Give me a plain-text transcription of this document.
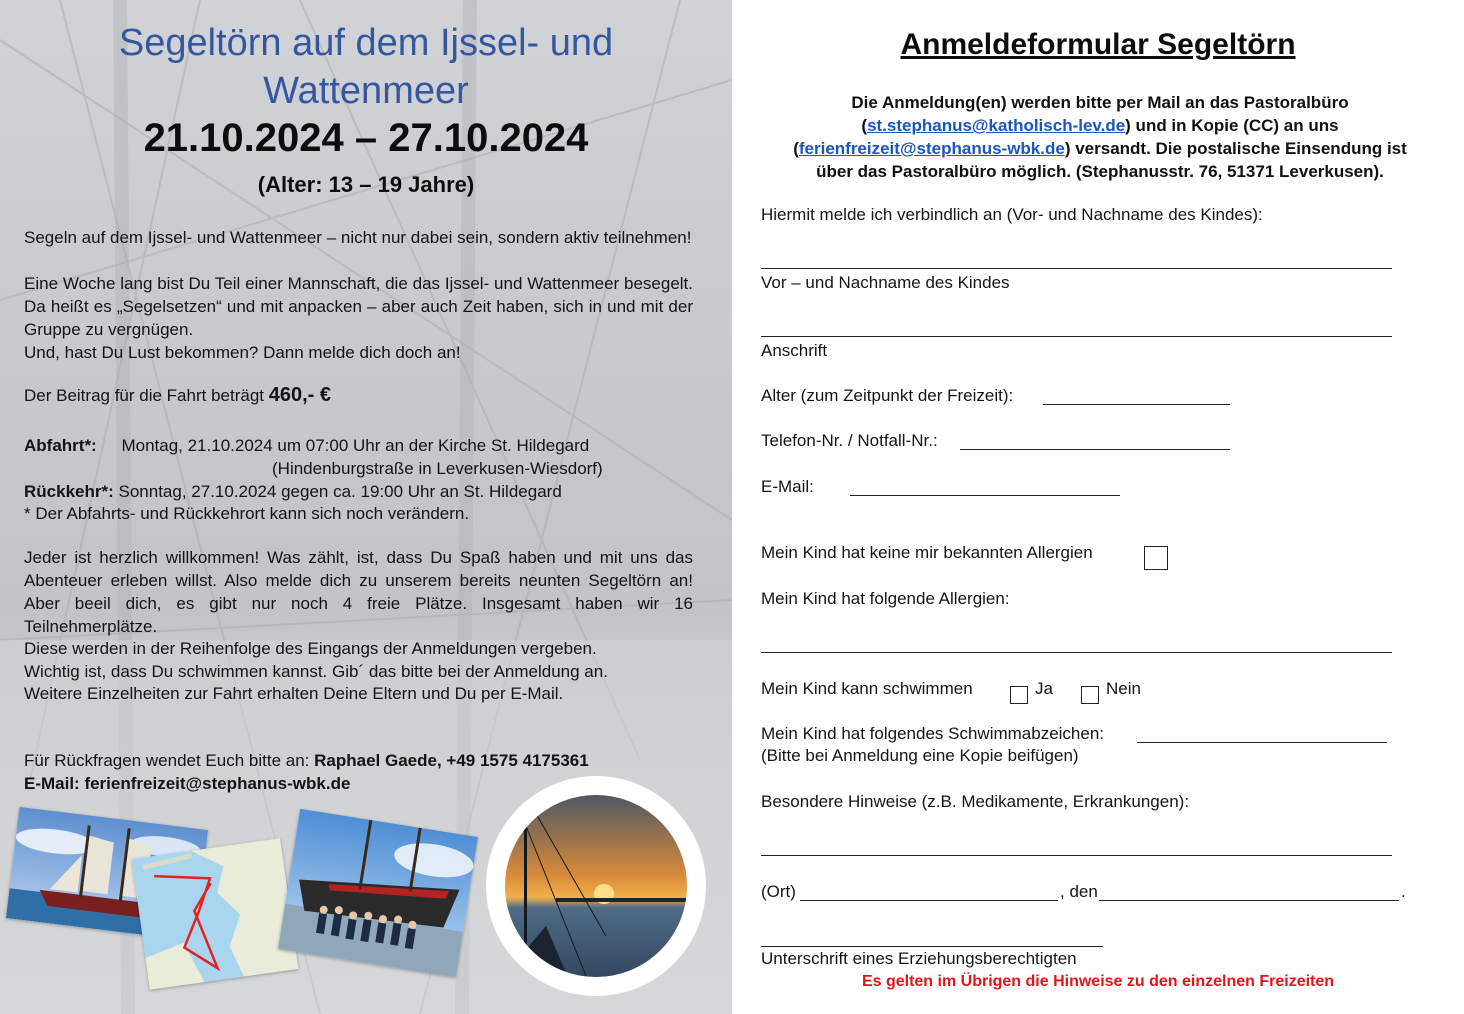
Segeltörn auf dem Ijssel- und
Wattenmeer
21.10.2024 – 27.10.2024
(Alter: 13 – 19 Jahre)

Segeln auf dem Ijssel- und Wattenmeer – nicht nur dabei sein, sondern aktiv teilnehmen!

Eine Woche lang bist Du Teil einer Mannschaft, die das Ijssel- und Wattenmeer besegelt. Da heißt es „Segelsetzen“ und mit anpacken – aber auch Zeit haben, sich in und mit der Gruppe zu vergnügen.

Und, hast Du Lust bekommen? Dann melde dich doch an!

Der Beitrag für die Fahrt beträgt 460,- €

Abfahrt*: Montag, 21.10.2024 um 07:00 Uhr an der Kirche St. Hildegard

(Hindenburgstraße in Leverkusen-Wiesdorf)

Rückkehr*: Sonntag, 27.10.2024 gegen ca. 19:00 Uhr an St. Hildegard

* Der Abfahrts- und Rückkehrort kann sich noch verändern.

Jeder ist herzlich willkommen! Was zählt, ist, dass Du Spaß haben und mit uns das Abenteuer erleben willst. Also melde dich zu unserem bereits neunten Segeltörn an! Aber beeil dich, es gibt nur noch 4 freie Plätze. Insgesamt haben wir 16 Teilnehmerplätze.

Diese werden in der Reihenfolge des Eingangs der Anmeldungen vergeben.

Wichtig ist, dass Du schwimmen kannst. Gib´ das bitte bei der Anmeldung an.

Weitere Einzelheiten zur Fahrt erhalten Deine Eltern und Du per E-Mail.

Für Rückfragen wendet Euch bitte an: Raphael Gaede, +49 1575 4175361

E-Mail: ferienfreizeit@stephanus-wbk.de

Anmeldeformular Segeltörn
Die Anmeldung(en) werden bitte per Mail an das Pastoralbüro
(st.stephanus@katholisch-lev.de) und in Kopie (CC) an uns
(ferienfreizeit@stephanus-wbk.de) versandt. Die postalische Einsendung ist
über das Pastoralbüro möglich. (Stephanusstr. 76, 51371 Leverkusen).
Hiermit melde ich verbindlich an (Vor- und Nachname des Kindes):
Vor – und Nachname des Kindes
Anschrift
Alter (zum Zeitpunkt der Freizeit):
Telefon-Nr. / Notfall-Nr.:
E-Mail:
Mein Kind hat keine mir bekannten Allergien
Mein Kind hat folgende Allergien:
Mein Kind kann schwimmen	Ja	Nein
Mein Kind hat folgendes Schwimmabzeichen:
(Bitte bei Anmeldung eine Kopie beifügen)
Besondere Hinweise (z.B. Medikamente, Erkrankungen):
(Ort)	, den	.
Unterschrift eines Erziehungsberechtigten
Es gelten im Übrigen die Hinweise zu den einzelnen Freizeiten
